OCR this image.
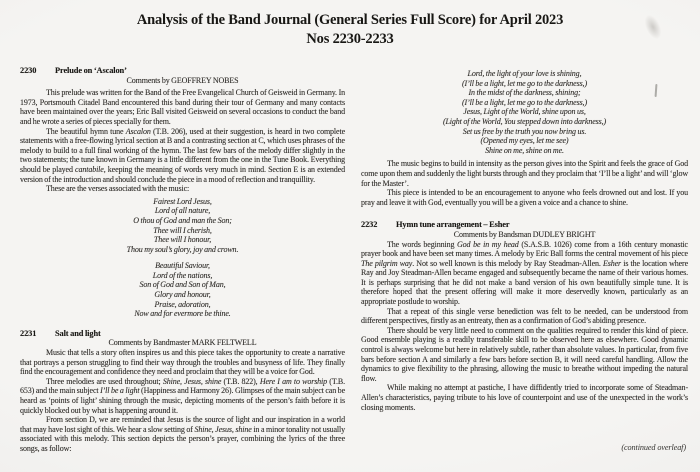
Analysis of the Band Journal (General Series Full Score) for April 2023
Nos 2230-2233
2230 Prelude on ‘Ascalon’
Comments by GEOFFREY NOBES

This prelude was written for the Band of the Free Evangelical Church of Geisweid in Germany. In 1973, Portsmouth Citadel Band encountered this band during their tour of Germany and many contacts have been maintained over the years; Eric Ball visited Geisweid on several occasions to conduct the band and he wrote a series of pieces specially for them.

The beautiful hymn tune Ascalon (T.B. 206), used at their suggestion, is heard in two complete statements with a free-flowing lyrical section at B and a contrasting section at C, which uses phrases of the melody to build to a full final working of the hymn. The last few bars of the melody differ slightly in the two statements; the tune known in Germany is a little different from the one in the Tune Book. Everything should be played cantabile, keeping the meaning of words very much in mind. Section E is an extended version of the introduction and should conclude the piece in a mood of reflection and tranquillity.

These are the verses associated with the music:

Fairest Lord Jesus,
Lord of all nature,
O thou of God and man the Son;
Thee will I cherish,
Thee will I honour,
Thou my soul’s glory, joy and crown.
Beautiful Saviour,
Lord of the nations,
Son of God and Son of Man,
Glory and honour,
Praise, adoration,
Now and for evermore be thine.
2231 Salt and light
Comments by Bandmaster MARK FELTWELL

Music that tells a story often inspires us and this piece takes the opportunity to create a narrative that portrays a person struggling to find their way through the troubles and busyness of life. They finally find the encouragement and confidence they need and proclaim that they will be a voice for God.

Three melodies are used throughout; Shine, Jesus, shine (T.B. 822), Here I am to worship (T.B. 653) and the main subject I’ll be a light (Happiness and Harmony 26). Glimpses of the main subject can be heard as ‘points of light’ shining through the music, depicting moments of the person’s faith before it is quickly blocked out by what is happening around it.

From section D, we are reminded that Jesus is the source of light and our inspiration in a world that may have lost sight of this. We hear a slow setting of Shine, Jesus, shine in a minor tonality not usually associated with this melody. This section depicts the person’s prayer, combining the lyrics of the three songs, as follow:

Lord, the light of your love is shining,
(I’ll be a light, let me go to the darkness,)
In the midst of the darkness, shining;
(I’ll be a light, let me go to the darkness,)
Jesus, Light of the World, shine upon us,
(Light of the World, You stepped down into darkness,)
Set us free by the truth you now bring us.
(Opened my eyes, let me see)
Shine on me, shine on me.

The music begins to build in intensity as the person gives into the Spirit and feels the grace of God come upon them and suddenly the light bursts through and they proclaim that ‘I’ll be a light’ and will ‘glow for the Master’.

This piece is intended to be an encouragement to anyone who feels drowned out and lost. If you pray and leave it with God, eventually you will be a given a voice and a chance to shine.

2232 Hymn tune arrangement – Esher
Comments by Bandsman DUDLEY BRIGHT

The words beginning God be in my head (S.A.S.B. 1026) come from a 16th century monastic prayer book and have been set many times. A melody by Eric Ball forms the central movement of his piece The pilgrim way. Not so well known is this melody by Ray Steadman-Allen. Esher is the location where Ray and Joy Steadman-Allen became engaged and subsequently became the name of their various homes. It is perhaps surprising that he did not make a band version of his own beautifully simple tune. It is therefore hoped that the present offering will make it more deservedly known, particularly as an appropriate postlude to worship.

That a repeat of this single verse benediction was felt to be needed, can be understood from different perspectives, firstly as an entreaty, then as a confirmation of God’s abiding presence.

There should be very little need to comment on the qualities required to render this kind of piece. Good ensemble playing is a readily transferable skill to be observed here as elsewhere. Good dynamic control is always welcome but here in relatively subtle, rather than absolute values. In particular, from five bars before section A and similarly a few bars before section B, it will need careful handling. Allow the dynamics to give flexibility to the phrasing, allowing the music to breathe without impeding the natural flow.

While making no attempt at pastiche, I have diffidently tried to incorporate some of Steadman-Allen’s characteristics, paying tribute to his love of counterpoint and use of the unexpected in the work’s closing moments.

(continued overleaf)
